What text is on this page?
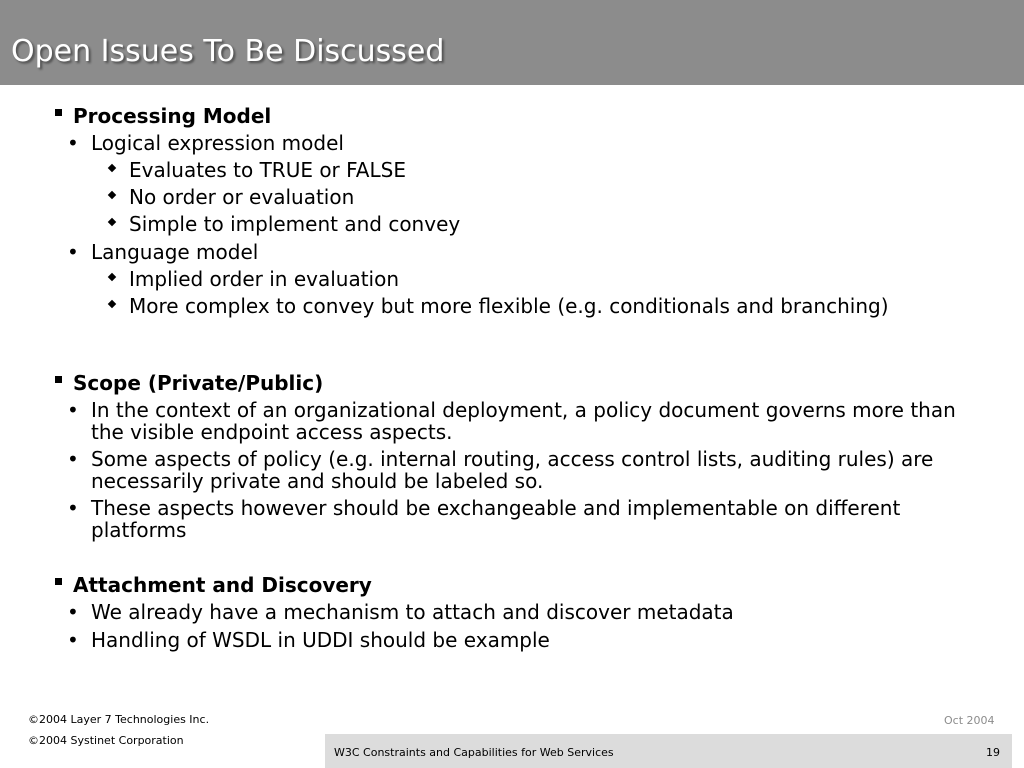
Open Issues To Be Discussed
Processing Model
• Logical expression model
Evaluates to TRUE or FALSE
No order or evaluation
Simple to implement and convey
• Language model
Implied order in evaluation
More complex to convey but more flexible (e.g. conditionals and branching)
Scope (Private/Public)
• In the context of an organizational deployment, a policy document governs more than the visible endpoint access aspects.
• Some aspects of policy (e.g. internal routing, access control lists, auditing rules) are necessarily private and should be labeled so.
• These aspects however should be exchangeable and implementable on different platforms
Attachment and Discovery
• We already have a mechanism to attach and discover metadata
• Handling of WSDL in UDDI should be example
©2004 Layer 7 Technologies Inc.
©2004 Systinet Corporation
Oct 2004
W3C Constraints and Capabilities for Web Services	19
